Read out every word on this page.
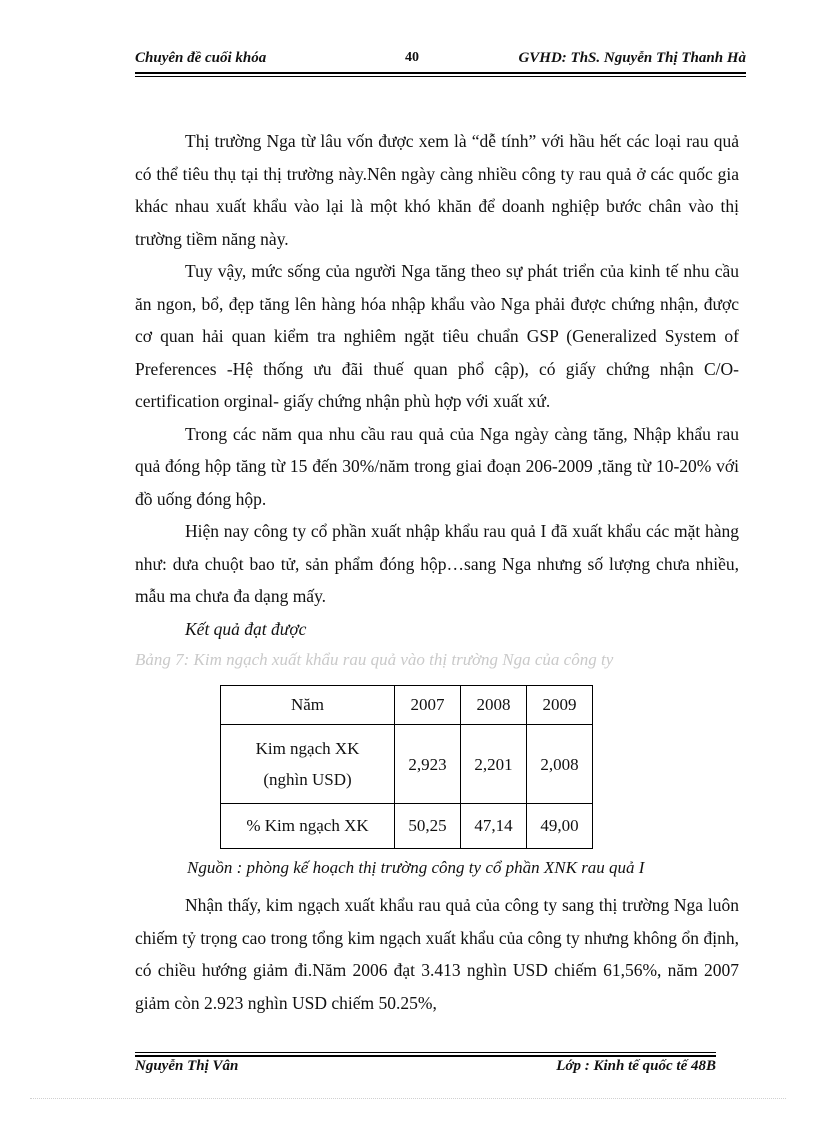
Chuyên đề cuối khóa	40	GVHD: ThS. Nguyễn Thị Thanh Hà

Thị trường Nga từ lâu vốn được xem là “dễ tính” với hầu hết các loại rau quả có thể tiêu thụ tại thị trường này.Nên ngày càng nhiều công ty rau quả ở các quốc gia khác nhau xuất khẩu vào lại là một khó khăn để doanh nghiệp bước chân vào thị trường tiềm năng này.

Tuy vậy, mức sống của người Nga tăng theo sự phát triển của kinh tế nhu cầu ăn ngon, bổ, đẹp tăng lên hàng hóa nhập khẩu vào Nga phải được chứng nhận, được cơ quan hải quan kiểm tra nghiêm ngặt tiêu chuẩn GSP (Generalized System of Preferences -Hệ thống ưu đãi thuế quan phổ cập), có giấy chứng nhận C/O- certification orginal- giấy chứng nhận phù hợp với xuất xứ.

Trong các năm qua nhu cầu rau quả của Nga ngày càng tăng, Nhập khẩu rau quả đóng hộp tăng từ 15 đến 30%/năm trong giai đoạn 206-2009 ,tăng từ 10-20% với đồ uống đóng hộp.

Hiện nay công ty cổ phần xuất nhập khẩu rau quả I đã xuất khẩu các mặt hàng như: dưa chuột bao tử, sản phẩm đóng hộp…sang Nga nhưng số lượng chưa nhiều, mẫu ma chưa đa dạng mấy.

Kết quả đạt được
Bảng 7: Kim ngạch xuất khẩu rau quả vào thị trường Nga của công ty
Năm	2007	2008	2009

Kim ngạch XK
(nghìn USD)	2,923	2,201	2,008
% Kim ngạch XK	50,25	47,14	49,00
Nguồn : phòng kế hoạch thị trường công ty cổ phần XNK rau quả I

Nhận thấy, kim ngạch xuất khẩu rau quả của công ty sang thị trường Nga luôn chiếm tỷ trọng cao trong tổng kim ngạch xuất khẩu của công ty nhưng không ổn định, có chiều hướng giảm đi.Năm 2006 đạt 3.413 nghìn USD chiếm 61,56%, năm 2007 giảm còn 2.923 nghìn USD chiếm 50.25%,

Nguyễn Thị Vân	Lớp : Kinh tế quốc tế 48B
